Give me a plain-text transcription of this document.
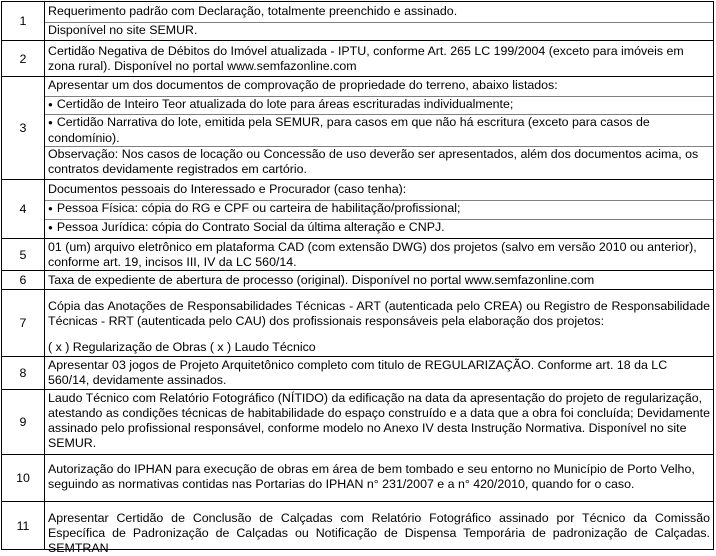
1
Requerimento padrão com Declaração, totalmente preenchido e assinado.
Disponível no site SEMUR.
2
Certidão Negativa de Débitos do Imóvel atualizada - IPTU, conforme Art. 265 LC 199/2004 (exceto para imóveis em zona rural). Disponível no portal www.semfazonline.com
3
Apresentar um dos documentos de comprovação de propriedade do terreno, abaixo listados:
● Certidão de Inteiro Teor atualizada do lote para áreas escrituradas individualmente;
● Certidão Narrativa do lote, emitida pela SEMUR, para casos em que não há escritura (exceto para casos de condomínio).
Observação: Nos casos de locação ou Concessão de uso deverão ser apresentados, além dos documentos acima, os contratos devidamente registrados em cartório.
4
Documentos pessoais do Interessado e Procurador (caso tenha):
● Pessoa Física: cópia do RG e CPF ou carteira de habilitação/profissional;
● Pessoa Jurídica: cópia do Contrato Social da última alteração e CNPJ.
5
01 (um) arquivo eletrônico em plataforma CAD (com extensão DWG) dos projetos (salvo em versão 2010 ou anterior), conforme art. 19, incisos III, IV da LC 560/14.
6	Taxa de expediente de abertura de processo (original). Disponível no portal www.semfazonline.com
7
Cópia das Anotações de Responsabilidades Técnicas - ART (autenticada pelo CREA) ou Registro de Responsabilidade Técnicas - RRT (autenticada pelo CAU) dos profissionais responsáveis pela elaboração dos projetos:
( x ) Regularização de Obras ( x ) Laudo Técnico
8
Apresentar 03 jogos de Projeto Arquitetônico completo com titulo de REGULARIZAÇÃO. Conforme art. 18 da LC 560/14, devidamente assinados.
9
Laudo Técnico com Relatório Fotográfico (NÍTIDO) da edificação na data da apresentação do projeto de regularização, atestando as condições técnicas de habitabilidade do espaço construído e a data que a obra foi concluída; Devidamente assinado pelo profissional responsável, conforme modelo no Anexo IV desta Instrução Normativa. Disponível no site SEMUR.
10
Autorização do IPHAN para execução de obras em área de bem tombado e seu entorno no Município de Porto Velho, seguindo as normativas contidas nas Portarias do IPHAN n° 231/2007 e a n° 420/2010, quando for o caso.
11
Apresentar Certidão de Conclusão de Calçadas com Relatório Fotográfico assinado por Técnico da Comissão Específica de Padronização de Calçadas ou Notificação de Dispensa Temporária de padronização de Calçadas. SEMTRAN
